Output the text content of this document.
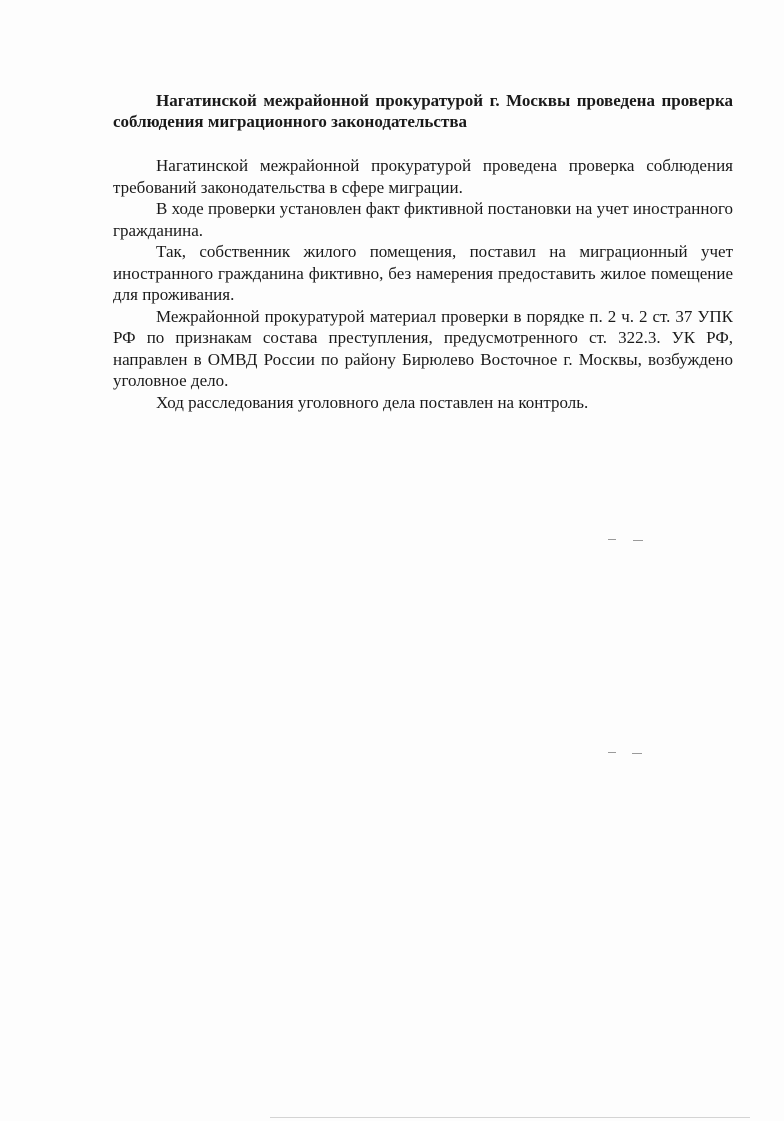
Нагатинской межрайонной прокуратурой г. Москвы проведена проверка соблюдения миграционного законодательства

Нагатинской межрайонной прокуратурой проведена проверка соблюдения требований законодательства в сфере миграции.

В ходе проверки установлен факт фиктивной постановки на учет иностранного гражданина.

Так, собственник жилого помещения, поставил на миграционный учет иностранного гражданина фиктивно, без намерения предоставить жилое помещение для проживания.

Межрайонной прокуратурой материал проверки в порядке п. 2 ч. 2 ст. 37 УПК РФ по признакам состава преступления, предусмотренного ст. 322.3. УК РФ, направлен в ОМВД России по району Бирюлево Восточное г. Москвы, возбуждено уголовное дело.

Ход расследования уголовного дела поставлен на контроль.
